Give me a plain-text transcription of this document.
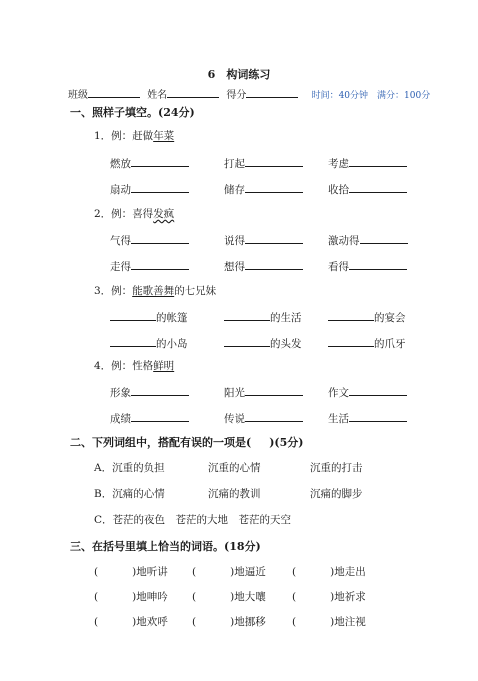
6　构词练习
班级	姓名	得分	时间：40分钟　满分：100分
一、照样子填空。(24分)
1．例：赶做年菜
燃放	打起	考虑
扇动	储存	收拾
2．例：喜得发疯
气得	说得	激动得
走得	想得	看得
3．例：能歌善舞的七兄妹
的帐篷	的生活	的宴会
的小岛	的头发	的爪牙
4．例：性格鲜明
形象	阳光	作文
成绩	传说	生活
二、下列词组中，搭配有误的一项是( )(5分)
A．沉重的负担	沉重的心情	沉重的打击
B．沉痛的心情	沉痛的教训	沉痛的脚步
C．苍茫的夜色　苍茫的大地　苍茫的天空
三、在括号里填上恰当的词语。(18分)
(	)地听讲 (	)地逼近	(	)地走出
(	)地呻吟 (	)地大嚷	(	)地祈求
(	)地欢呼 (	)地挪移	(	)地注视
